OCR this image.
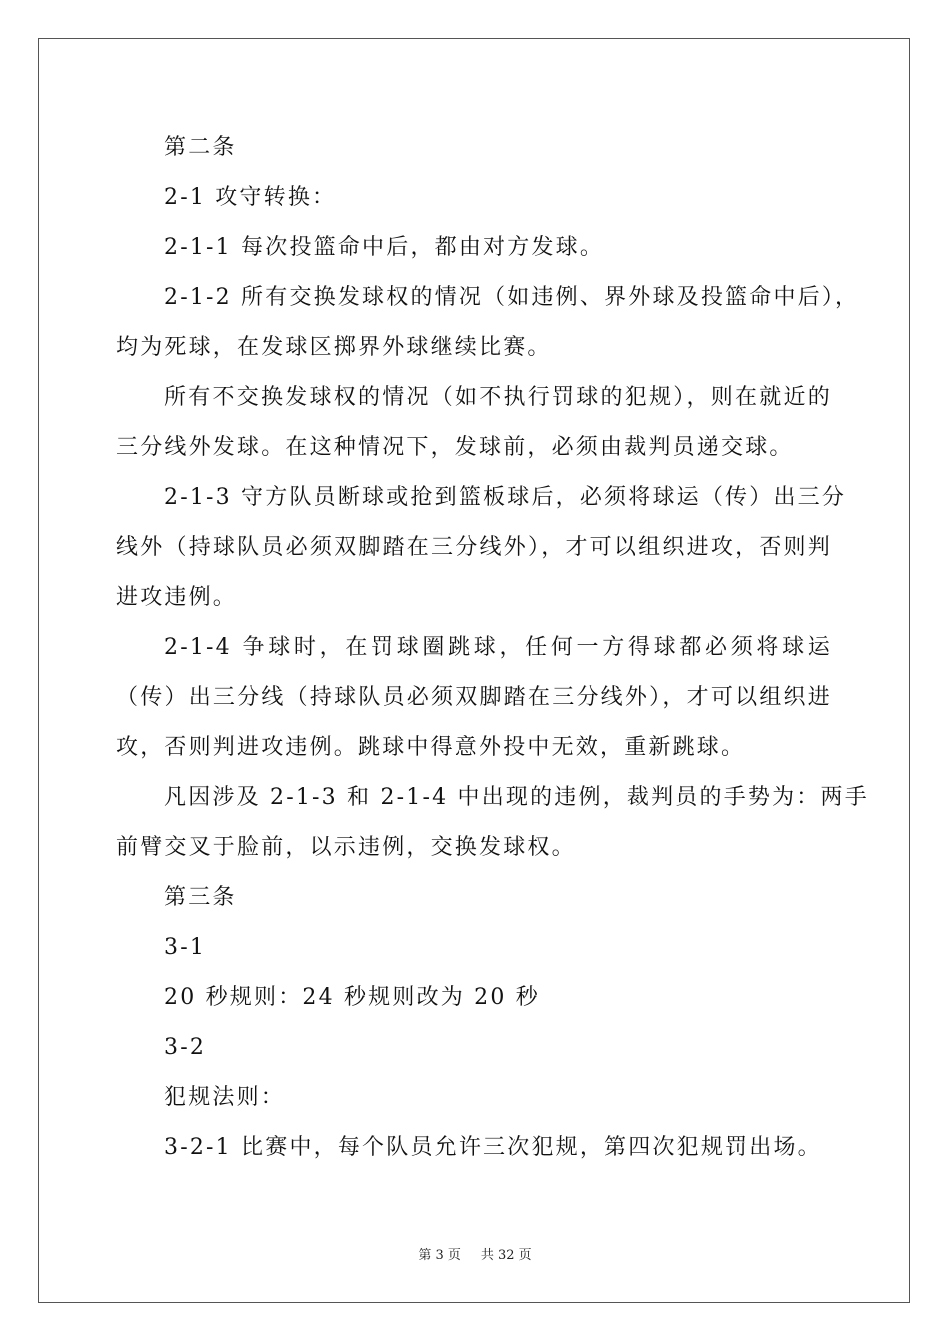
第二条
2-1 攻守转换：
2-1-1 每次投篮命中后，都由对方发球。
2-1-2 所有交换发球权的情况（如违例、界外球及投篮命中后），
均为死球，在发球区掷界外球继续比赛。
所有不交换发球权的情况（如不执行罚球的犯规），则在就近的
三分线外发球。在这种情况下，发球前，必须由裁判员递交球。
2-1-3 守方队员断球或抢到篮板球后，必须将球运（传）出三分
线外（持球队员必须双脚踏在三分线外），才可以组织进攻，否则判
进攻违例。
2-1-4 争球时，在罚球圈跳球，任何一方得球都必须将球运
（传）出三分线（持球队员必须双脚踏在三分线外），才可以组织进
攻，否则判进攻违例。跳球中得意外投中无效，重新跳球。
凡因涉及 2-1-3 和 2-1-4 中出现的违例，裁判员的手势为：两手
前臂交叉于脸前，以示违例，交换发球权。
第三条
3-1
20 秒规则：24 秒规则改为 20 秒
3-2
犯规法则：
3-2-1 比赛中，每个队员允许三次犯规，第四次犯规罚出场。
第 3 页 共 32 页
